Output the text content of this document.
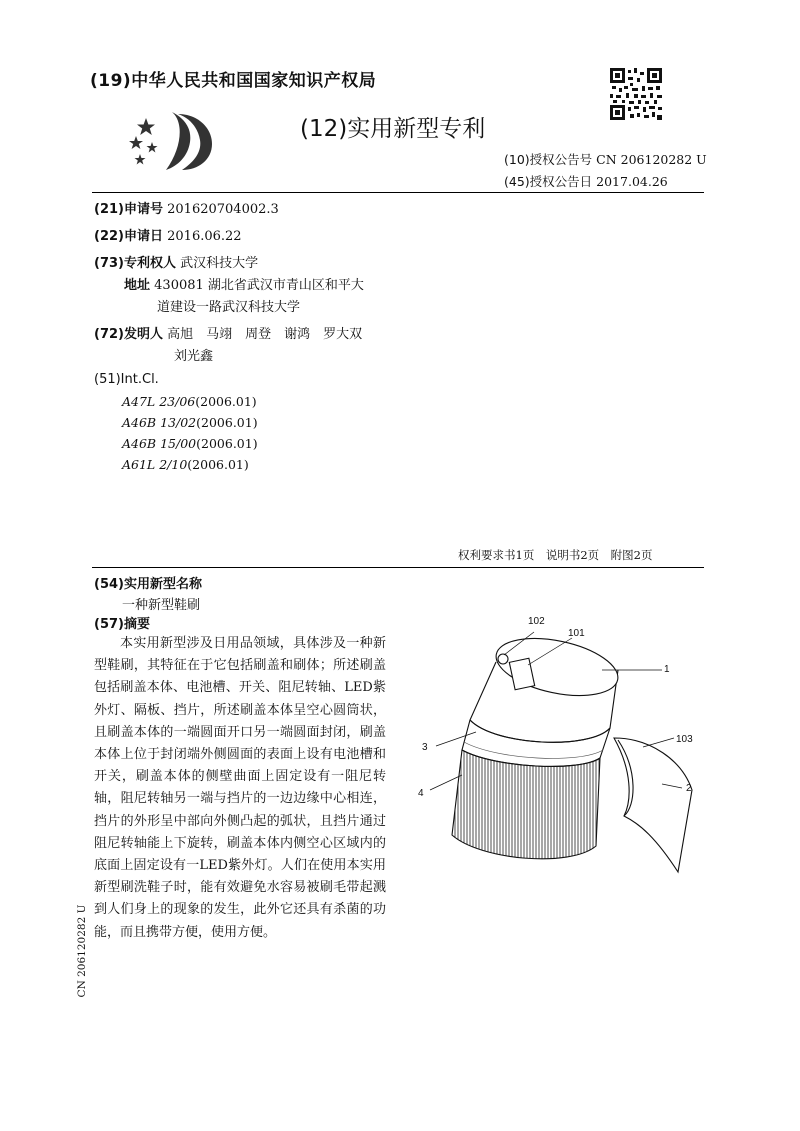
(19)中华人民共和国国家知识产权局
(12)实用新型专利
(10)授权公告号 CN 206120282 U
(45)授权公告日 2017.04.26
(21)申请号 201620704002.3
(22)申请日 2016.06.22
(73)专利权人 武汉科技大学
地址 430081 湖北省武汉市青山区和平大
道建设一路武汉科技大学
(72)发明人 高旭　马翊　周登　谢鸿　罗大双
刘光鑫
(51)Int.Cl.
A47L 23/06(2006.01)
A46B 13/02(2006.01)
A46B 15/00(2006.01)
A61L 2/10(2006.01)
权利要求书1页　说明书2页　附图2页
(54)实用新型名称
一种新型鞋刷
(57)摘要
本实用新型涉及日用品领域，具体涉及一种新型鞋刷，其特征在于它包括刷盖和刷体；所述刷盖包括刷盖本体、电池槽、开关、阻尼转轴、LED紫外灯、隔板、挡片，所述刷盖本体呈空心圆筒状，且刷盖本体的一端圆面开口另一端圆面封闭，刷盖本体上位于封闭端外侧圆面的表面上设有电池槽和开关，刷盖本体的侧壁曲面上固定设有一阻尼转轴，阻尼转轴另一端与挡片的一边边缘中心相连，挡片的外形呈中部向外侧凸起的弧状，且挡片通过阻尼转轴能上下旋转，刷盖本体内侧空心区域内的底面上固定设有一LED紫外灯。人们在使用本实用新型刷洗鞋子时，能有效避免水容易被刷毛带起溅到人们身上的现象的发生，此外它还具有杀菌的功能，而且携带方便，使用方便。
CN 206120282 U
102
101
1
3
103
4	2
